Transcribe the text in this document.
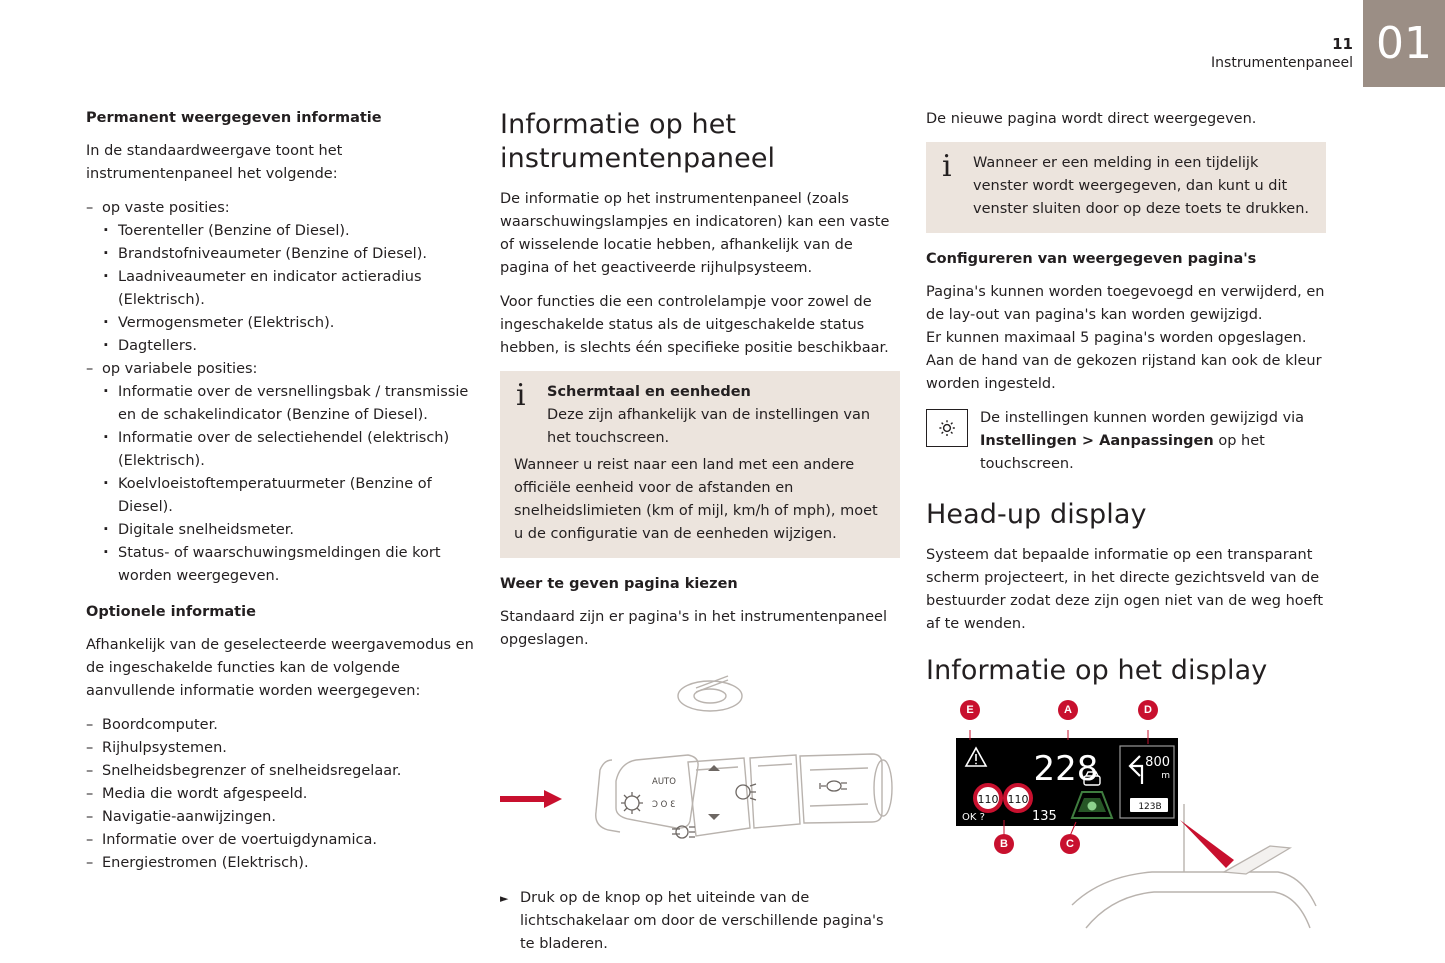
01
11
Instrumentenpaneel
Permanent weergegeven informatie

In de standaardweergave toont het instrumentenpaneel het volgende:

– op vaste posities:
· Toerenteller (Benzine of Diesel).
· Brandstofniveaumeter (Benzine of Diesel).
· Laadniveaumeter en indicator actieradius (Elektrisch).
· Vermogensmeter (Elektrisch).
· Dagtellers.
– op variabele posities:
· Informatie over de versnellingsbak / transmissie en de schakelindicator (Benzine of Diesel).
· Informatie over de selectiehendel (elektrisch) (Elektrisch).
· Koelvloeistoftemperatuurmeter (Benzine of Diesel).
· Digitale snelheidsmeter.
· Status- of waarschuwingsmeldingen die kort worden weergegeven.
Optionele informatie

Afhankelijk van de geselecteerde weergavemodus en de ingeschakelde functies kan de volgende aanvullende informatie worden weergegeven:

– Boordcomputer.
– Rijhulpsystemen.
– Snelheidsbegrenzer of snelheidsregelaar.
– Media die wordt afgespeeld.
– Navigatie-aanwijzingen.
– Informatie over de voertuigdynamica.
– Energiestromen (Elektrisch).
Informatie op het instrumentenpaneel

De informatie op het instrumentenpaneel (zoals waarschuwingslampjes en indicatoren) kan een vaste of wisselende locatie hebben, afhankelijk van de pagina of het geactiveerde rijhulpsysteem.

Voor functies die een controlelampje voor zowel de ingeschakelde status als de uitgeschakelde status hebben, is slechts één specifieke positie beschikbaar.

i	Schermtaal en eenheden
Deze zijn afhankelijk van de instellingen van het touchscreen.

Wanneer u reist naar een land met een andere officiële eenheid voor de afstanden en snelheidslimieten (km of mijl, km/h of mph), moet u de configuratie van de eenheden wijzigen.

Weer te geven pagina kiezen

Standaard zijn er pagina's in het instrumentenpaneel opgeslagen.

AUTO
Ɔ O Ɛ

► Druk op de knop op het uiteinde van de lichtschakelaar om door de verschillende pagina's te bladeren.

De nieuwe pagina wordt direct weergegeven.

i	Wanneer er een melding in een tijdelijk venster wordt weergegeven, dan kunt u dit venster sluiten door op deze toets te drukken.

Configureren van weergegeven pagina's

Pagina's kunnen worden toegevoegd en verwijderd, en de lay-out van pagina's kan worden gewijzigd.

Er kunnen maximaal 5 pagina's worden opgeslagen.

Aan de hand van de gekozen rijstand kan ook de kleur worden ingesteld.

De instellingen kunnen worden gewijzigd via Instellingen > Aanpassingen op het touchscreen.
Head-up display

Systeem dat bepaalde informatie op een transparant scherm projecteert, in het directe gezichtsveld van de bestuurder zodat deze zijn ogen niet van de weg hoeft af te wenden.

Informatie op het display
228
110 110
OK ?	135
800
m
123B
E	A	D
B	C
